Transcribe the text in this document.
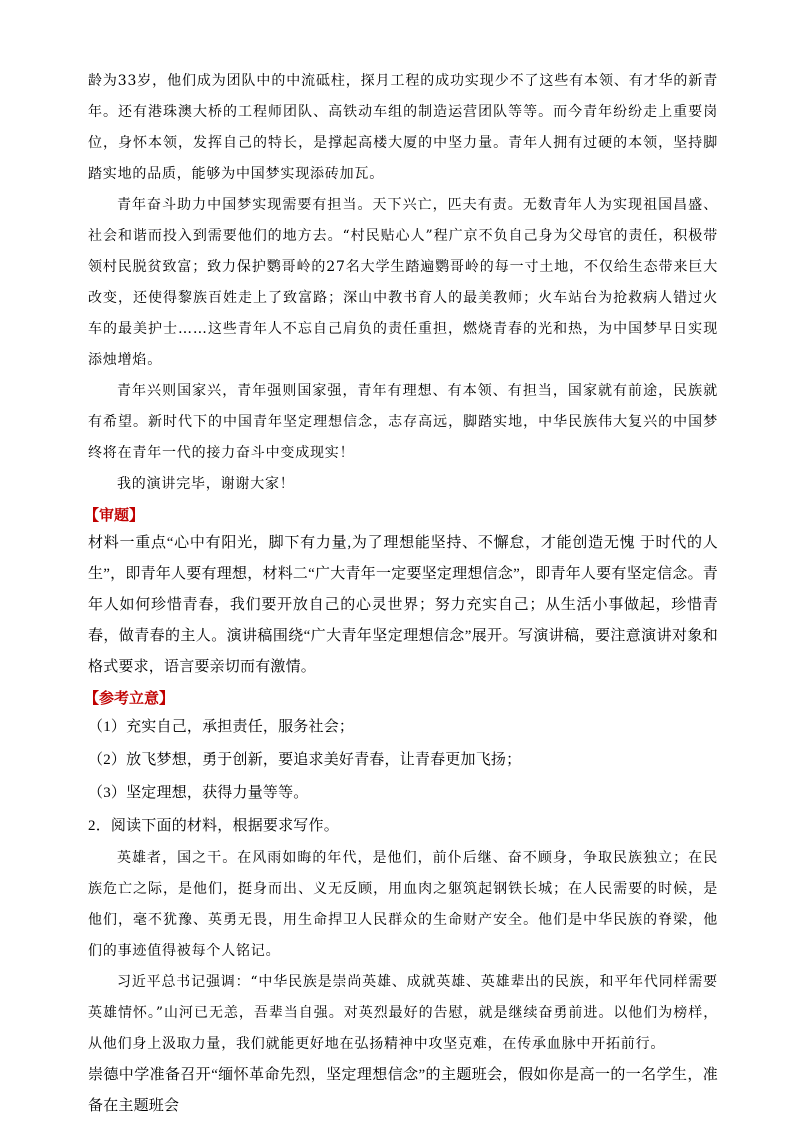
龄为33岁，他们成为团队中的中流砥柱，探月工程的成功实现少不了这些有本领、有才华的新青年。还有港珠澳大桥的工程师团队、高铁动车组的制造运营团队等等。而今青年纷纷走上重要岗位，身怀本领，发挥自己的特长，是撑起高楼大厦的中坚力量。青年人拥有过硬的本领，坚持脚踏实地的品质，能够为中国梦实现添砖加瓦。

青年奋斗助力中国梦实现需要有担当。天下兴亡，匹夫有责。无数青年人为实现祖国昌盛、社会和谐而投入到需要他们的地方去。“村民贴心人”程广京不负自己身为父母官的责任，积极带领村民脱贫致富；致力保护鹦哥岭的27名大学生踏遍鹦哥岭的每一寸土地，不仅给生态带来巨大改变，还使得黎族百姓走上了致富路；深山中教书育人的最美教师；火车站台为抢救病人错过火车的最美护士……这些青年人不忘自己肩负的责任重担，燃烧青春的光和热，为中国梦早日实现添烛增焰。

青年兴则国家兴，青年强则国家强，青年有理想、有本领、有担当，国家就有前途，民族就有希望。新时代下的中国青年坚定理想信念，志存高远，脚踏实地，中华民族伟大复兴的中国梦终将在青年一代的接力奋斗中变成现实！

我的演讲完毕，谢谢大家！

【审题】

材料一重点“心中有阳光，脚下有力量,为了理想能坚持、不懈怠，才能创造无愧 于时代的人生”，即青年人要有理想，材料二“广大青年一定要坚定理想信念”，即青年人要有坚定信念。青年人如何珍惜青春，我们要开放自己的心灵世界；努力充实自己；从生活小事做起，珍惜青春，做青春的主人。演讲稿围绕“广大青年坚定理想信念”展开。写演讲稿，要注意演讲对象和格式要求，语言要亲切而有激情。

【参考立意】

（1）充实自己，承担责任，服务社会；

（2）放飞梦想，勇于创新，要追求美好青春，让青春更加飞扬；

（3）坚定理想，获得力量等等。

2．阅读下面的材料，根据要求写作。

英雄者，国之干。在风雨如晦的年代，是他们，前仆后继、奋不顾身，争取民族独立；在民族危亡之际，是他们，挺身而出、义无反顾，用血肉之躯筑起钢铁长城；在人民需要的时候，是他们，毫不犹豫、英勇无畏，用生命捍卫人民群众的生命财产安全。他们是中华民族的脊梁，他们的事迹值得被每个人铭记。

习近平总书记强调：“中华民族是崇尚英雄、成就英雄、英雄辈出的民族，和平年代同样需要英雄情怀。”山河已无恙，吾辈当自强。对英烈最好的告慰，就是继续奋勇前进。以他们为榜样，从他们身上汲取力量，我们就能更好地在弘扬精神中攻坚克难，在传承血脉中开拓前行。

崇德中学准备召开“缅怀革命先烈，坚定理想信念”的主题班会，假如你是高一的一名学生，准备在主题班会
